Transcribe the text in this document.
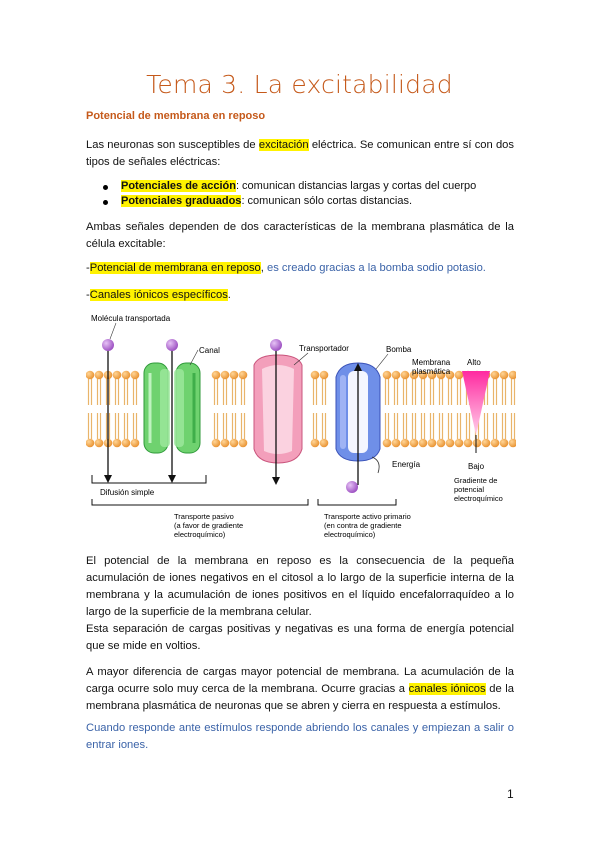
Tema 3. La excitabilidad
Potencial de membrana en reposo

Las neuronas son susceptibles de excitación eléctrica. Se comunican entre sí con dos tipos de señales eléctricas:

Potenciales de acción: comunican distancias largas y cortas del cuerpo
Potenciales graduados: comunican sólo cortas distancias.

Ambas señales dependen de dos características de la membrana plasmática de la célula excitable:

-Potencial de membrana en reposo, es creado gracias a la bomba sodio potasio.

-Canales iónicos específicos.

Molécula transportada
Canal	Transportador
Energía
Bomba
Membrana
plasmática
Alto
Bajo
Gradiente de
potencial
electroquímico
Difusión simple
Transporte pasivo
(a favor de gradiente
electroquímico)
Transporte activo primario
(en contra de gradiente
electroquímico)

El potencial de la membrana en reposo es la consecuencia de la pequeña acumulación de iones negativos en el citosol a lo largo de la superficie interna de la membrana y la acumulación de iones positivos en el líquido encefalorraquídeo a lo largo de la superficie de la membrana celular.

Esta separación de cargas positivas y negativas es una forma de energía potencial que se mide en voltios.

A mayor diferencia de cargas mayor potencial de membrana. La acumulación de la carga ocurre solo muy cerca de la membrana. Ocurre gracias a canales iónicos de la membrana plasmática de neuronas que se abren y cierra en respuesta a estímulos.

Cuando responde ante estímulos responde abriendo los canales y empiezan a salir o entrar iones.

1
